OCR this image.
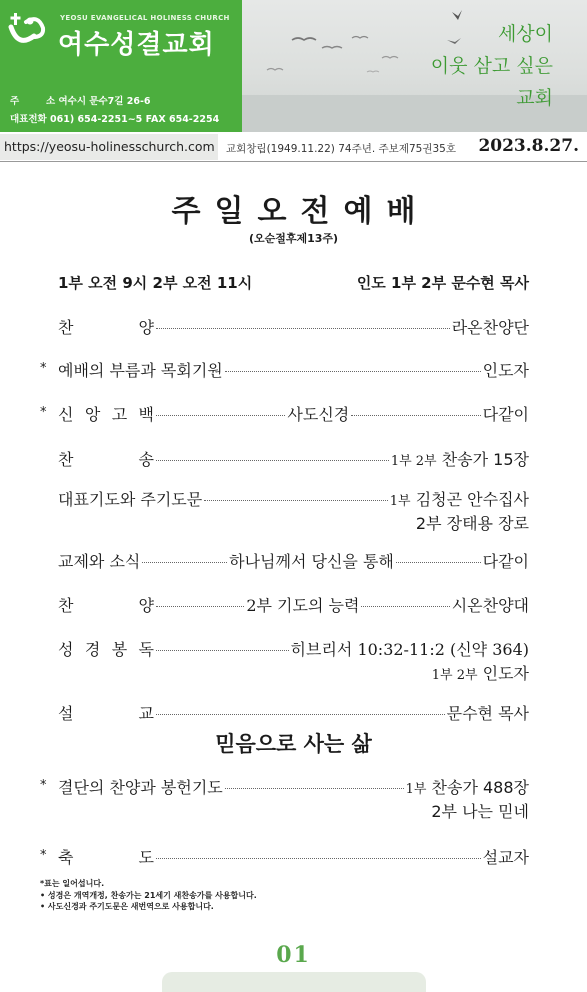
YEOSU EVANGELICAL HOLINESS CHURCH
여수성결교회
주	소 여수시 문수7길 26-6
대표전화 061) 654-2251~5 FAX 654-2254
세상이
이웃 삼고 싶은
교회
https://yeosu-holinesschurch.com 교회창립(1949.11.22) 74주년. 주보제75권35호 2023.8.27.
주일오전예배
(오순절후제13주)
1부 오전 9시 2부 오전 11시	인도 1부 2부 문수현 목사
찬	양	라온찬양단
* 예배의 부름과 목회기원	인도자
* 신 앙 고 백	사도신경	다같이
찬	송	1부 2부 찬송가 15장
대표기도와 주기도문	1부 김청곤 안수집사
2부 장태용 장로
교제와 소식	하나님께서 당신을 통해	다같이
찬	양	2부 기도의 능력	시온찬양대
성 경 봉 독	히브리서 10:32-11:2 (신약 364)
1부 2부 인도자
설	교	문수현 목사
믿음으로 사는 삶
* 결단의 찬양과 봉헌기도	1부 찬송가 488장
2부 나는 믿네
* 축	도	설교자
*표는 일어섭니다.
• 성경은 개역개정, 찬송가는 21세기 새찬송가를 사용합니다.
• 사도신경과 주기도문은 새번역으로 사용합니다.
01
